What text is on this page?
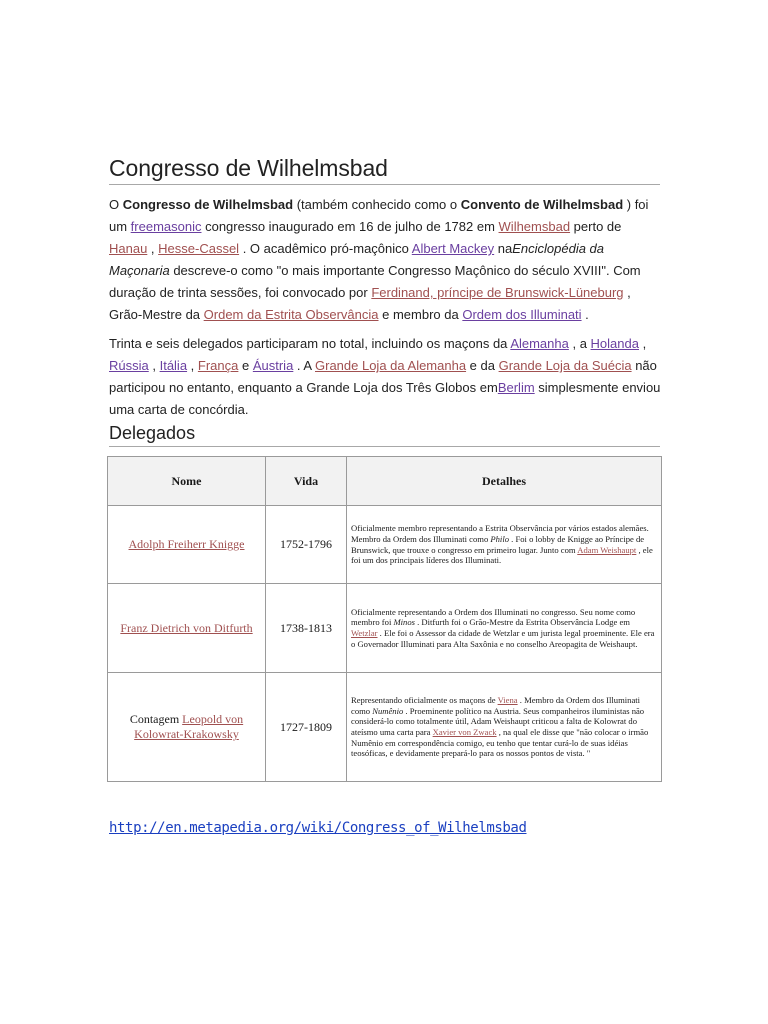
Congresso de Wilhelmsbad

O Congresso de Wilhelmsbad (também conhecido como o Convento de Wilhelmsbad ) foi um freemasonic congresso inaugurado em 16 de julho de 1782 em Wilhemsbad perto de Hanau , Hesse-Cassel . O acadêmico pró-maçônico Albert Mackey naEnciclopédia da Maçonaria descreve-o como "o mais importante Congresso Maçônico do século XVIII". Com duração de trinta sessões, foi convocado por Ferdinand, príncipe de Brunswick-Lüneburg , Grão-Mestre da Ordem da Estrita Observância e membro da Ordem dos Illuminati .

Trinta e seis delegados participaram no total, incluindo os maçons da Alemanha , a Holanda , Rússia , Itália , França e Áustria . A Grande Loja da Alemanha e da Grande Loja da Suécia não participou no entanto, enquanto a Grande Loja dos Três Globos emBerlim simplesmente enviou uma carta de concórdia.

Delegados
Nome	Vida	Detalhes
Adolph Freiherr Knigge	1752-1796	Oficialmente membro representando a Estrita Observância por vários estados alemães. Membro da Ordem dos Illuminati como Philo . Foi o lobby de Knigge ao Príncipe de Brunswick, que trouxe o congresso em primeiro lugar. Junto com Adam Weishaupt , ele foi um dos principais líderes dos Illuminati.
Franz Dietrich von Ditfurth	1738-1813	Oficialmente representando a Ordem dos Illuminati no congresso. Seu nome como membro foi Minos . Ditfurth foi o Grão-Mestre da Estrita Observância Lodge em Wetzlar . Ele foi o Assessor da cidade de Wetzlar e um jurista legal proeminente. Ele era o Governador Illuminati para Alta Saxônia e no conselho Areopagita de Weishaupt.
Contagem Leopold von Kolowrat-Krakowsky	1727-1809	Representando oficialmente os maçons de Viena . Membro da Ordem dos Illuminati como Numênio . Proeminente político na Austria. Seus companheiros iluministas não considerá-lo como totalmente útil, Adam Weishaupt criticou a falta de Kolowrat do ateísmo uma carta para Xavier von Zwack , na qual ele disse que "não colocar o irmão Numênio em correspondência comigo, eu tenho que tentar curá-lo de suas idéias teosóficas, e devidamente prepará-lo para os nossos pontos de vista. "
http://en.metapedia.org/wiki/Congress_of_Wilhelmsbad
